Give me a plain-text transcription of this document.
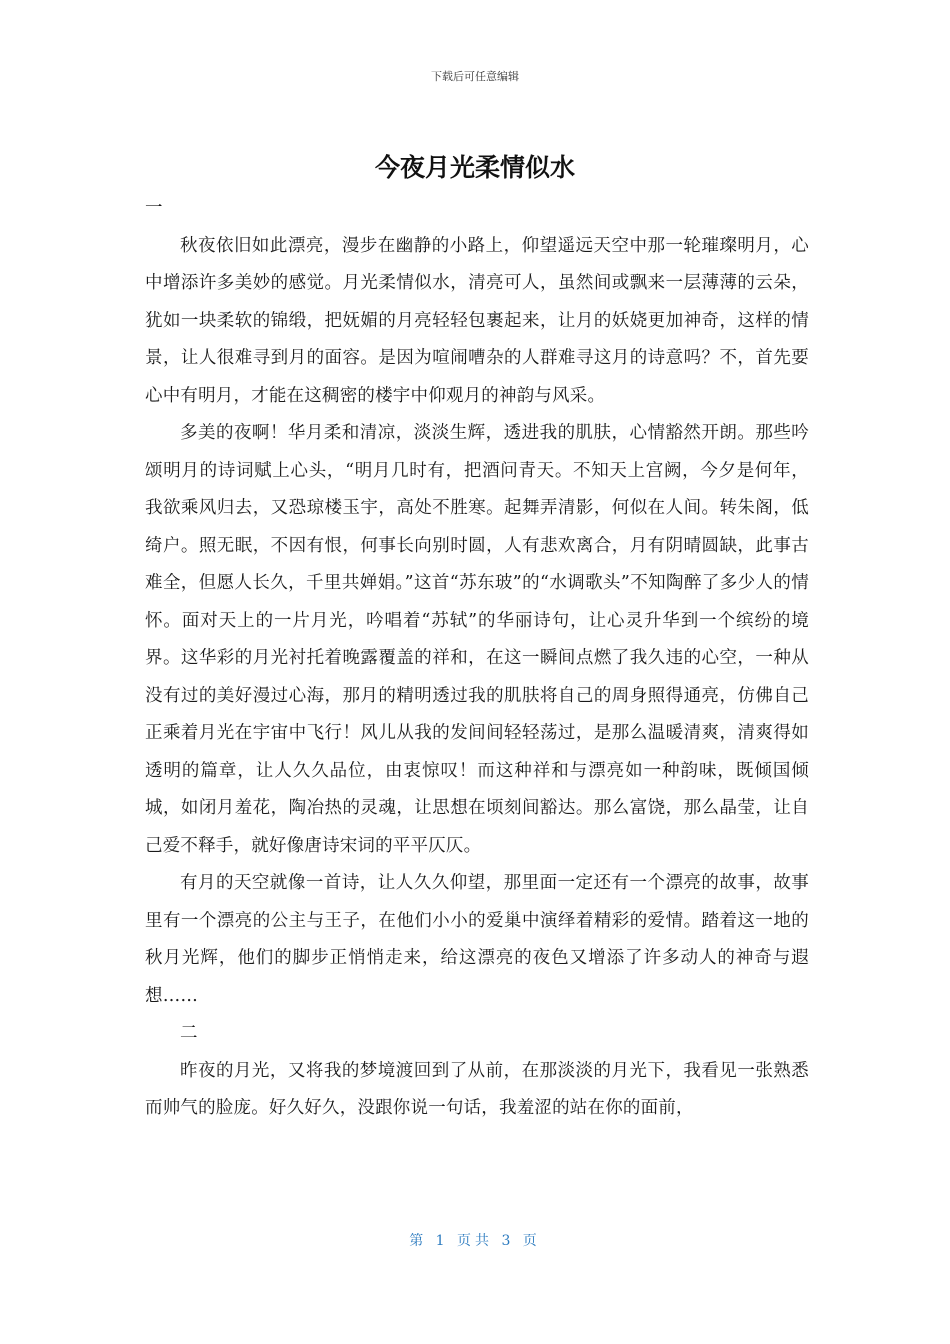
下载后可任意编辑

今夜月光柔情似水

一

秋夜依旧如此漂亮，漫步在幽静的小路上，仰望遥远天空中那一轮璀璨明月，心中增添许多美妙的感觉。月光柔情似水，清亮可人，虽然间或飘来一层薄薄的云朵，犹如一块柔软的锦缎，把妩媚的月亮轻轻包裹起来，让月的妖娆更加神奇，这样的情景，让人很难寻到月的面容。是因为喧闹嘈杂的人群难寻这月的诗意吗？不，首先要心中有明月，才能在这稠密的楼宇中仰观月的神韵与风采。

多美的夜啊！华月柔和清凉，淡淡生辉，透进我的肌肤，心情豁然开朗。那些吟颂明月的诗词赋上心头，“明月几时有，把酒问青天。不知天上宫阙，今夕是何年，我欲乘风归去，又恐琼楼玉宇，高处不胜寒。起舞弄清影，何似在人间。转朱阁，低绮户。照无眠，不因有恨，何事长向别时圆，人有悲欢离合，月有阴晴圆缺，此事古难全，但愿人长久，千里共婵娟。”这首“苏东玻”的“水调歌头”不知陶醉了多少人的情怀。面对天上的一片月光，吟唱着“苏轼”的华丽诗句，让心灵升华到一个缤纷的境界。这华彩的月光衬托着晚露覆盖的祥和，在这一瞬间点燃了我久违的心空，一种从没有过的美好漫过心海，那月的精明透过我的肌肤将自己的周身照得通亮，仿佛自己正乘着月光在宇宙中飞行！风儿从我的发间间轻轻荡过，是那么温暖清爽，清爽得如透明的篇章，让人久久品位，由衷惊叹！而这种祥和与漂亮如一种韵味，既倾国倾城，如闭月羞花，陶冶热的灵魂，让思想在顷刻间豁达。那么富饶，那么晶莹，让自己爱不释手，就好像唐诗宋词的平平仄仄。

有月的天空就像一首诗，让人久久仰望，那里面一定还有一个漂亮的故事，故事里有一个漂亮的公主与王子，在他们小小的爱巢中演绎着精彩的爱情。踏着这一地的秋月光辉，他们的脚步正悄悄走来，给这漂亮的夜色又增添了许多动人的神奇与遐想……

二

昨夜的月光，又将我的梦境渡回到了从前，在那淡淡的月光下，我看见一张熟悉而帅气的脸庞。好久好久，没跟你说一句话，我羞涩的站在你的面前，

第 1 页共 3 页
